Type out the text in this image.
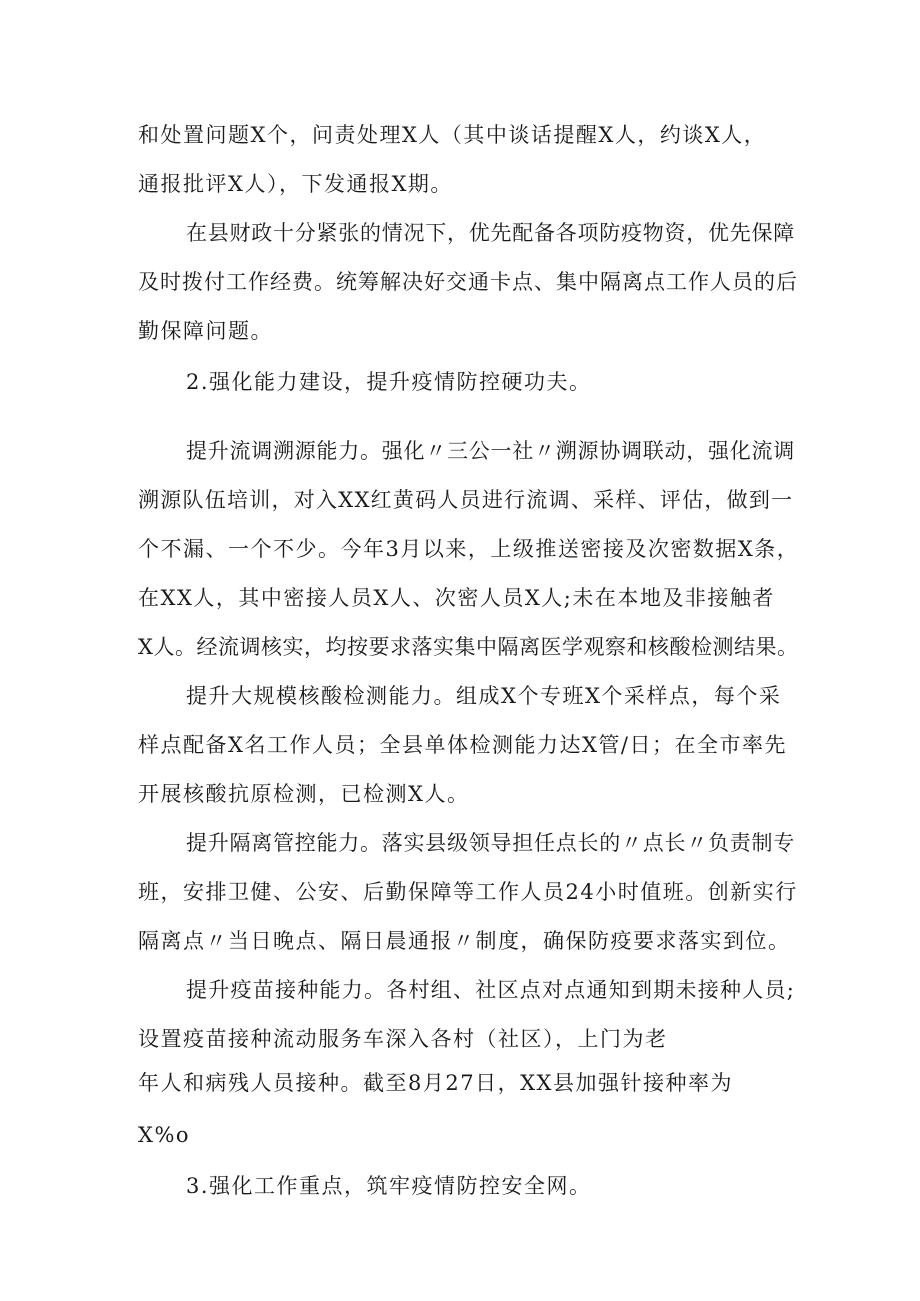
和处置问题X个，问责处理X人（其中谈话提醒X人，约谈X人，
通报批评X人），下发通报X期。
在县财政十分紧张的情况下，优先配备各项防疫物资，优先保障
及时拨付工作经费。统筹解决好交通卡点、集中隔离点工作人员的后
勤保障问题。
2.强化能力建设，提升疫情防控硬功夫。
提升流调溯源能力。强化〃三公一社〃溯源协调联动，强化流调
溯源队伍培训，对入XX红黄码人员进行流调、采样、评估，做到一
个不漏、一个不少。今年3月以来，上级推送密接及次密数据X条，
在XX人，其中密接人员X人、次密人员X人;未在本地及非接触者
X人。经流调核实，均按要求落实集中隔离医学观察和核酸检测结果。
提升大规模核酸检测能力。组成X个专班X个采样点，每个采
样点配备X名工作人员；全县单体检测能力达X管/日；在全市率先
开展核酸抗原检测，已检测X人。
提升隔离管控能力。落实县级领导担任点长的〃点长〃负责制专
班，安排卫健、公安、后勤保障等工作人员24小时值班。创新实行
隔离点〃当日晚点、隔日晨通报〃制度，确保防疫要求落实到位。
提升疫苗接种能力。各村组、社区点对点通知到期未接种人员;
设置疫苗接种流动服务车深入各村（社区），上门为老
年人和病残人员接种。截至8月27日，XX县加强针接种率为
X%o
3.强化工作重点，筑牢疫情防控安全网。
